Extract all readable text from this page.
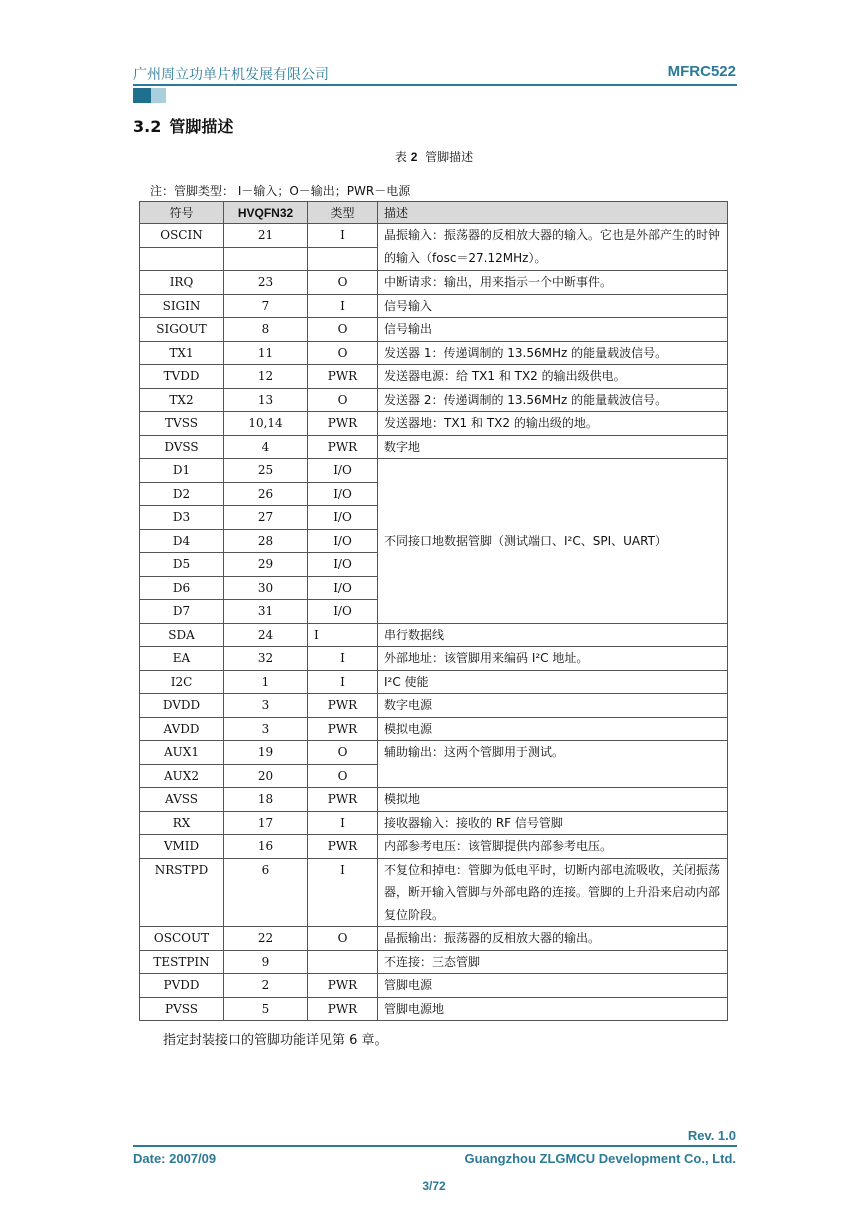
广州周立功单片机发展有限公司	MFRC522
3.2 管脚描述
表 2 管脚描述
注：管脚类型： I－输入；O－输出；PWR－电源
符号	HVQFN32	类型	描述
OSCIN	21	I	晶振输入：振荡器的反相放大器的输入。它也是外部产生的时钟的输入（fosc＝27.12MHz）。

IRQ	23	O	中断请求：输出，用来指示一个中断事件。
SIGIN	7	I	信号输入
SIGOUT	8	O	信号输出
TX1	11	O	发送器 1：传递调制的 13.56MHz 的能量载波信号。
TVDD	12	PWR	发送器电源：给 TX1 和 TX2 的输出级供电。
TX2	13	O	发送器 2：传递调制的 13.56MHz 的能量载波信号。
TVSS	10,14	PWR	发送器地：TX1 和 TX2 的输出级的地。
DVSS	4	PWR	数字地
D1	25	I/O	不同接口地数据管脚（测试端口、I²C、SPI、UART）
D2	26	I/O	
D3	27	I/O	
D4	28	I/O	
D5	29	I/O	
D6	30	I/O	
D7	31	I/O	
SDA	24	I	串行数据线
EA	32	I	外部地址：该管脚用来编码 I²C 地址。
I2C	1	I	I²C 使能
DVDD	3	PWR	数字电源
AVDD	3	PWR	模拟电源
AUX1	19	O	辅助输出：这两个管脚用于测试。
AUX2	20	O	
AVSS	18	PWR	模拟地
RX	17	I	接收器输入：接收的 RF 信号管脚
VMID	16	PWR	内部参考电压：该管脚提供内部参考电压。
NRSTPD	6	I	不复位和掉电：管脚为低电平时，切断内部电流吸收，关闭振荡器，断开输入管脚与外部电路的连接。管脚的上升沿来启动内部复位阶段。
OSCOUT	22	O	晶振输出：振荡器的反相放大器的输出。
TESTPIN	9		不连接：三态管脚
PVDD	2	PWR	管脚电源
PVSS	5	PWR	管脚电源地
指定封装接口的管脚功能详见第 6 章。
Rev. 1.0
Date: 2007/09	Guangzhou ZLGMCU Development Co., Ltd.
3/72
